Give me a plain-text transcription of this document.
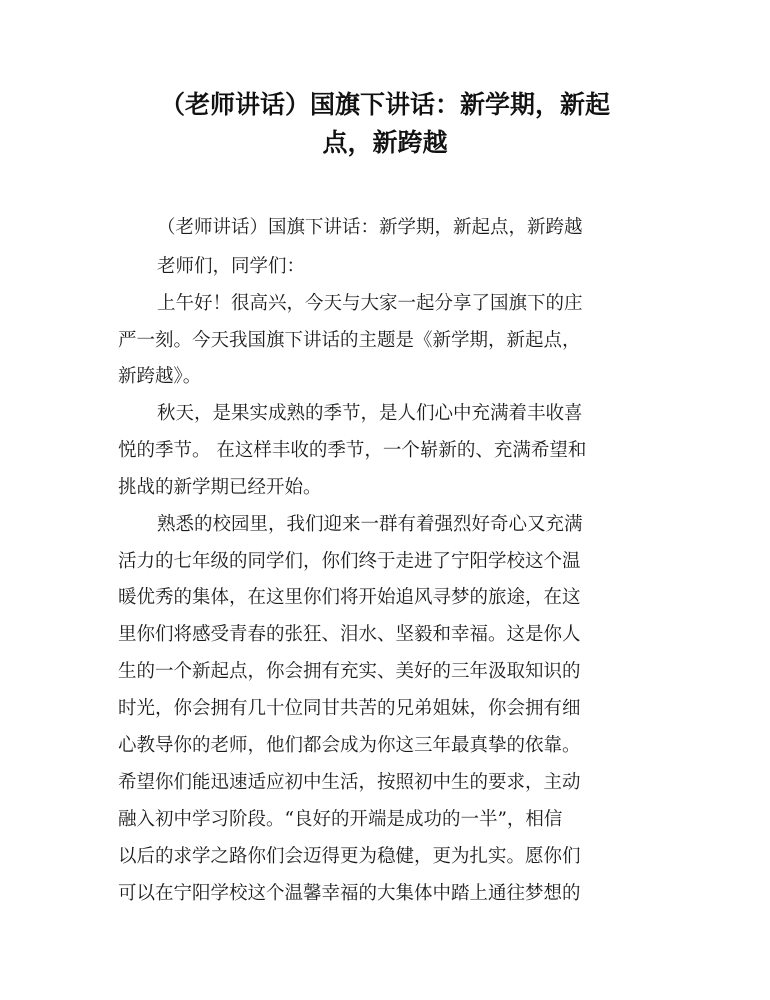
（老师讲话）国旗下讲话：新学期，新起
点，新跨越

（老师讲话）国旗下讲话：新学期，新起点，新跨越

老师们，同学们：

上午好！很高兴，今天与大家一起分享了国旗下的庄

严一刻。今天我国旗下讲话的主题是《新学期，新起点，

新跨越》。

秋天，是果实成熟的季节，是人们心中充满着丰收喜

悦的季节。 在这样丰收的季节，一个崭新的、充满希望和

挑战的新学期已经开始。

熟悉的校园里，我们迎来一群有着强烈好奇心又充满

活力的七年级的同学们，你们终于走进了宁阳学校这个温

暖优秀的集体，在这里你们将开始追风寻梦的旅途，在这

里你们将感受青春的张狂、泪水、坚毅和幸福。这是你人

生的一个新起点，你会拥有充实、美好的三年汲取知识的

时光，你会拥有几十位同甘共苦的兄弟姐妹，你会拥有细

心教导你的老师，他们都会成为你这三年最真挚的依靠。

希望你们能迅速适应初中生活，按照初中生的要求，主动

融入初中学习阶段。“良好的开端是成功的一半”，相信

以后的求学之路你们会迈得更为稳健，更为扎实。愿你们

可以在宁阳学校这个温馨幸福的大集体中踏上通往梦想的
